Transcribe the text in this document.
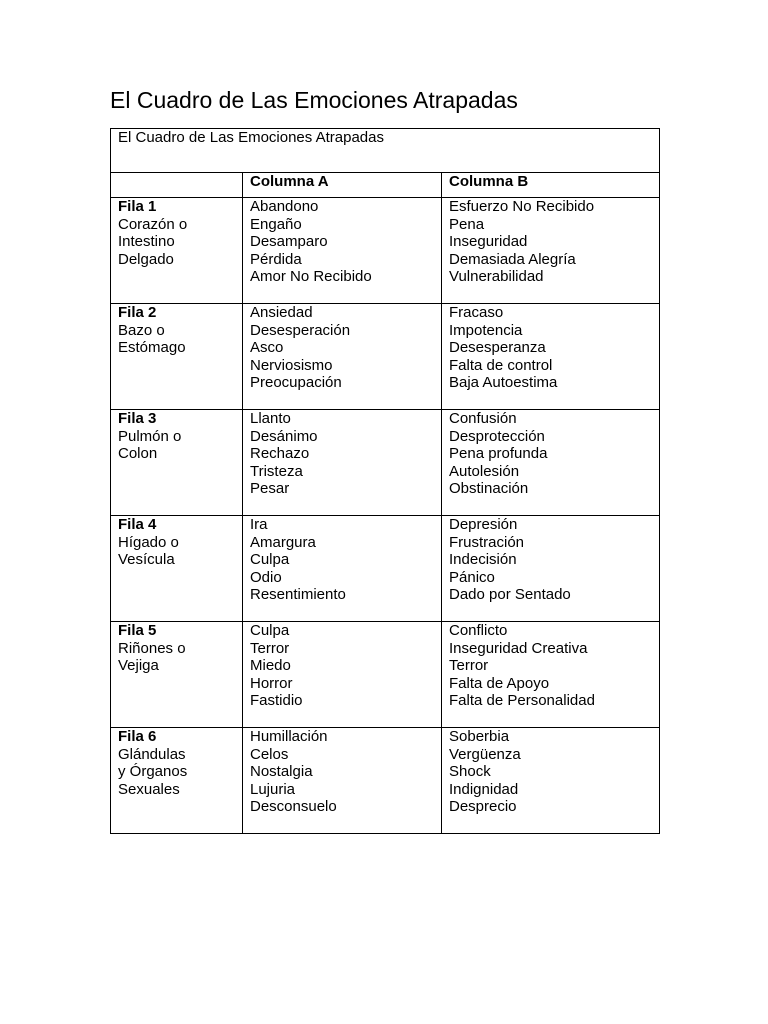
El Cuadro de Las Emociones Atrapadas
El Cuadro de Las Emociones Atrapadas		
	Columna A	Columna B

Fila 1
Corazón o
Intestino
Delgado	Abandono
Engaño
Desamparo
Pérdida
Amor No Recibido	Esfuerzo No Recibido
Pena
Inseguridad
Demasiada Alegría
Vulnerabilidad

Fila 2
Bazo o
Estómago	Ansiedad
Desesperación
Asco
Nerviosismo
Preocupación	Fracaso
Impotencia
Desesperanza
Falta de control
Baja Autoestima

Fila 3
Pulmón o
Colon	Llanto
Desánimo
Rechazo
Tristeza
Pesar	Confusión
Desprotección
Pena profunda
Autolesión
Obstinación

Fila 4
Hígado o
Vesícula	Ira
Amargura
Culpa
Odio
Resentimiento	Depresión
Frustración
Indecisión
Pánico
Dado por Sentado

Fila 5
Riñones o
Vejiga	Culpa
Terror
Miedo
Horror
Fastidio	Conflicto
Inseguridad Creativa
Terror
Falta de Apoyo
Falta de Personalidad

Fila 6
Glándulas
y Órganos
Sexuales	Humillación
Celos
Nostalgia
Lujuria
Desconsuelo	Soberbia
Vergüenza
Shock
Indignidad
Desprecio
